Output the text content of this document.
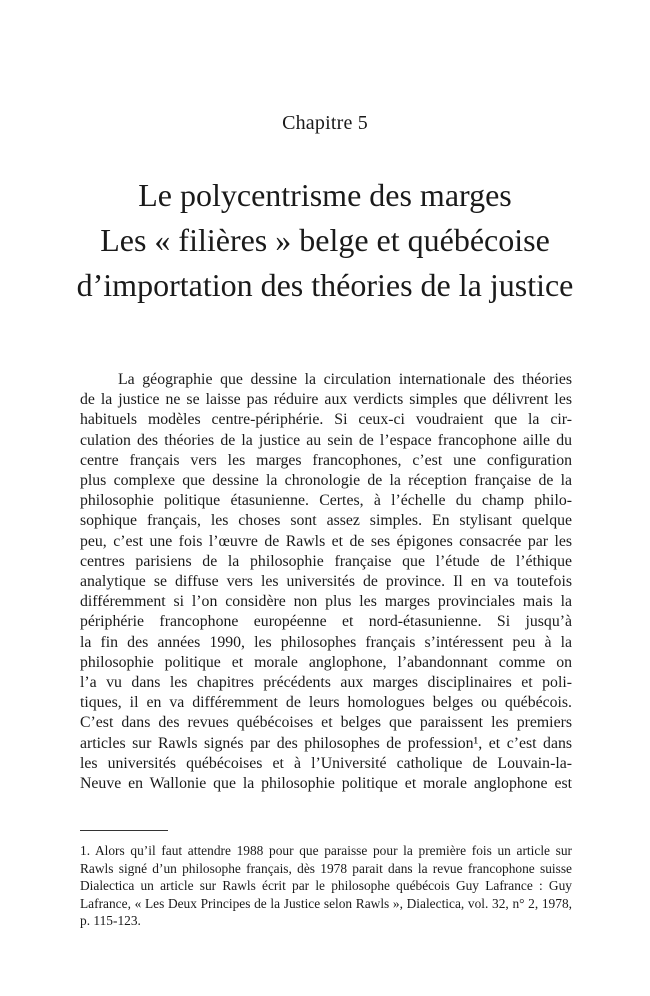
Chapitre 5
Le polycentrisme des marges
Les « filières » belge et québécoise
d’importation des théories de la justice

La géographie que dessine la circulation internationale des théories
de la justice ne se laisse pas réduire aux verdicts simples que délivrent les
habituels modèles centre-périphérie. Si ceux-ci voudraient que la cir-
culation des théories de la justice au sein de l’espace francophone aille du
centre français vers les marges francophones, c’est une configuration
plus complexe que dessine la chronologie de la réception française de la
philosophie politique étasunienne. Certes, à l’échelle du champ philo-
sophique français, les choses sont assez simples. En stylisant quelque
peu, c’est une fois l’œuvre de Rawls et de ses épigones consacrée par les
centres parisiens de la philosophie française que l’étude de l’éthique
analytique se diffuse vers les universités de province. Il en va toutefois
différemment si l’on considère non plus les marges provinciales mais la
périphérie francophone européenne et nord-étasunienne. Si jusqu’à
la fin des années 1990, les philosophes français s’intéressent peu à la
philosophie politique et morale anglophone, l’abandonnant comme on
l’a vu dans les chapitres précédents aux marges disciplinaires et poli-
tiques, il en va différemment de leurs homologues belges ou québécois.
C’est dans des revues québécoises et belges que paraissent les premiers
articles sur Rawls signés par des philosophes de profession¹, et c’est dans
les universités québécoises et à l’Université catholique de Louvain-la-
Neuve en Wallonie que la philosophie politique et morale anglophone est

1. Alors qu’il faut attendre 1988 pour que paraisse pour la première fois un article sur
Rawls signé d’un philosophe français, dès 1978 parait dans la revue francophone suisse
Dialectica un article sur Rawls écrit par le philosophe québécois Guy Lafrance : Guy
Lafrance, « Les Deux Principes de la Justice selon Rawls », Dialectica, vol. 32, n° 2, 1978,
p. 115-123.
